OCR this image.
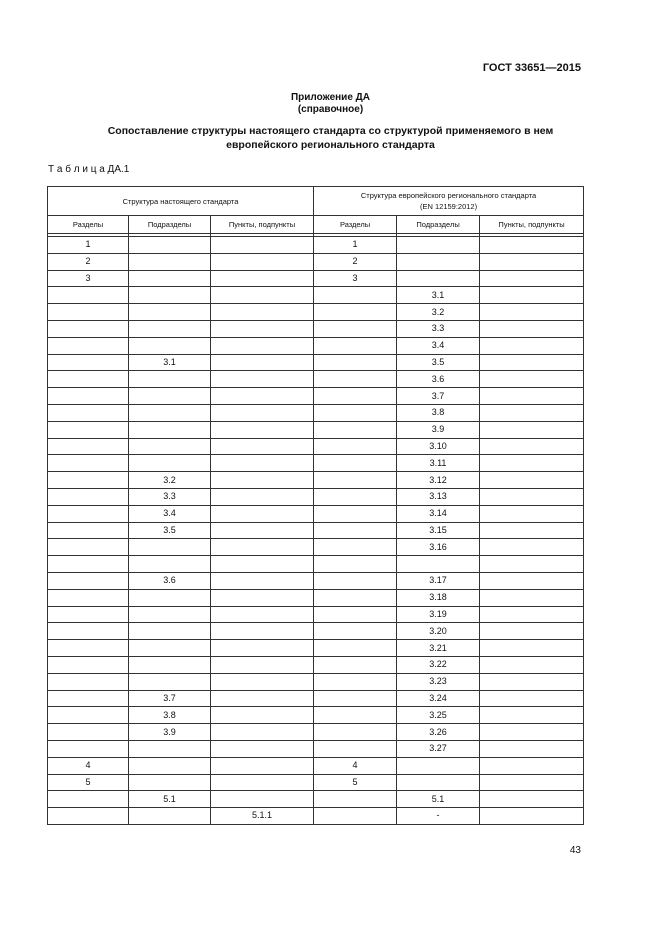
ГОСТ 33651—2015
Приложение ДА
(справочное)
Сопоставление структуры настоящего стандарта со структурой применяемого в нем
европейского регионального стандарта
Т а б л и ц а ДА.1
Структура настоящего стандарта			Структура европейского регионального стандарта
(EN 12159:2012)		

Разделы	Подразделы	Пункты, подпункты	Разделы	Подразделы	Пункты, подпункты

1			1		
2			2		
3			3		
				3.1	
				3.2	
				3.3	
				3.4	
	3.1			3.5	
				3.6	
				3.7	
				3.8	
				3.9	
				3.10	
				3.11	
	3.2			3.12	
	3.3			3.13	
	3.4			3.14	
	3.5			3.15	
				3.16	

	3.6			3.17	
				3.18	
				3.19	
				3.20	
				3.21	
				3.22	
				3.23	
	3.7			3.24	
	3.8			3.25	
	3.9			3.26	
				3.27	
4			4		
5			5		
	5.1			5.1	
		5.1.1		-	
43
